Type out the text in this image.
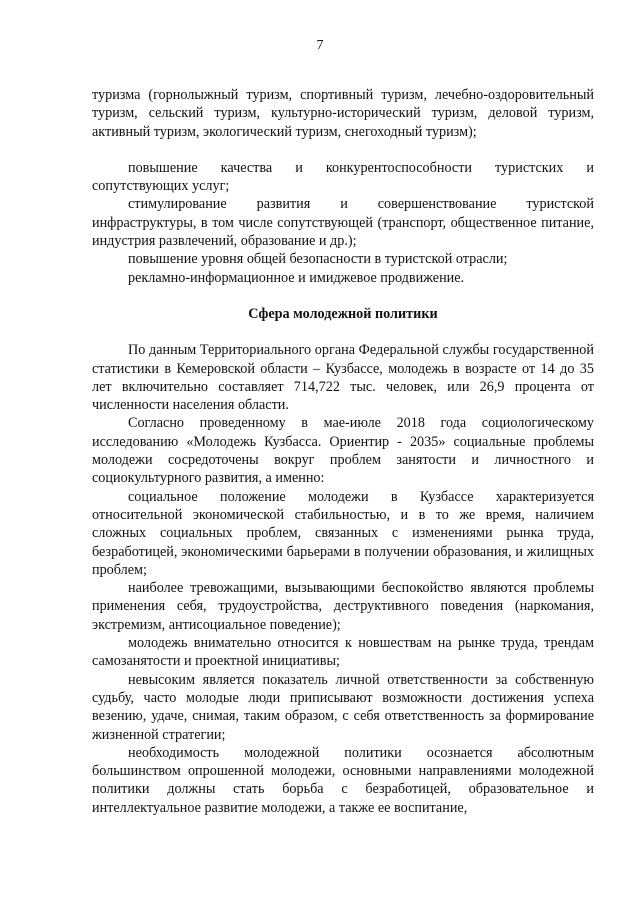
7

туризма (горнолыжный туризм, спортивный туризм, лечебно-оздоровительный туризм, сельский туризм, культурно-исторический туризм, деловой туризм, активный туризм, экологический туризм, снегоходный туризм);

повышение качества и конкурентоспособности туристских и сопутствующих услуг;

стимулирование развития и совершенствование туристской инфраструктуры, в том числе сопутствующей (транспорт, общественное питание, индустрия развлечений, образование и др.);

повышение уровня общей безопасности в туристской отрасли;

рекламно-информационное и имиджевое продвижение.

Сфера молодежной политики

По данным Территориального органа Федеральной службы государственной статистики в Кемеровской области – Кузбассе, молодежь в возрасте от 14 до 35 лет включительно составляет 714,722 тыс. человек, или 26,9 процента от численности населения области.

Согласно проведенному в мае-июле 2018 года социологическому исследованию «Молодежь Кузбасса. Ориентир - 2035» социальные проблемы молодежи сосредоточены вокруг проблем занятости и личностного и социокультурного развития, а именно:

социальное положение молодежи в Кузбассе характеризуется относительной экономической стабильностью, и в то же время, наличием сложных социальных проблем, связанных с изменениями рынка труда, безработицей, экономическими барьерами в получении образования, и жилищных проблем;

наиболее тревожащими, вызывающими беспокойство являются проблемы применения себя, трудоустройства, деструктивного поведения (наркомания, экстремизм, антисоциальное поведение);

молодежь внимательно относится к новшествам на рынке труда, трендам самозанятости и проектной инициативы;

невысоким является показатель личной ответственности за собственную судьбу, часто молодые люди приписывают возможности достижения успеха везению, удаче, снимая, таким образом, с себя ответственность за формирование жизненной стратегии;

необходимость молодежной политики осознается абсолютным большинством опрошенной молодежи, основными направлениями молодежной политики должны стать борьба с безработицей, образовательное и интеллектуальное развитие молодежи, а также ее воспитание,
